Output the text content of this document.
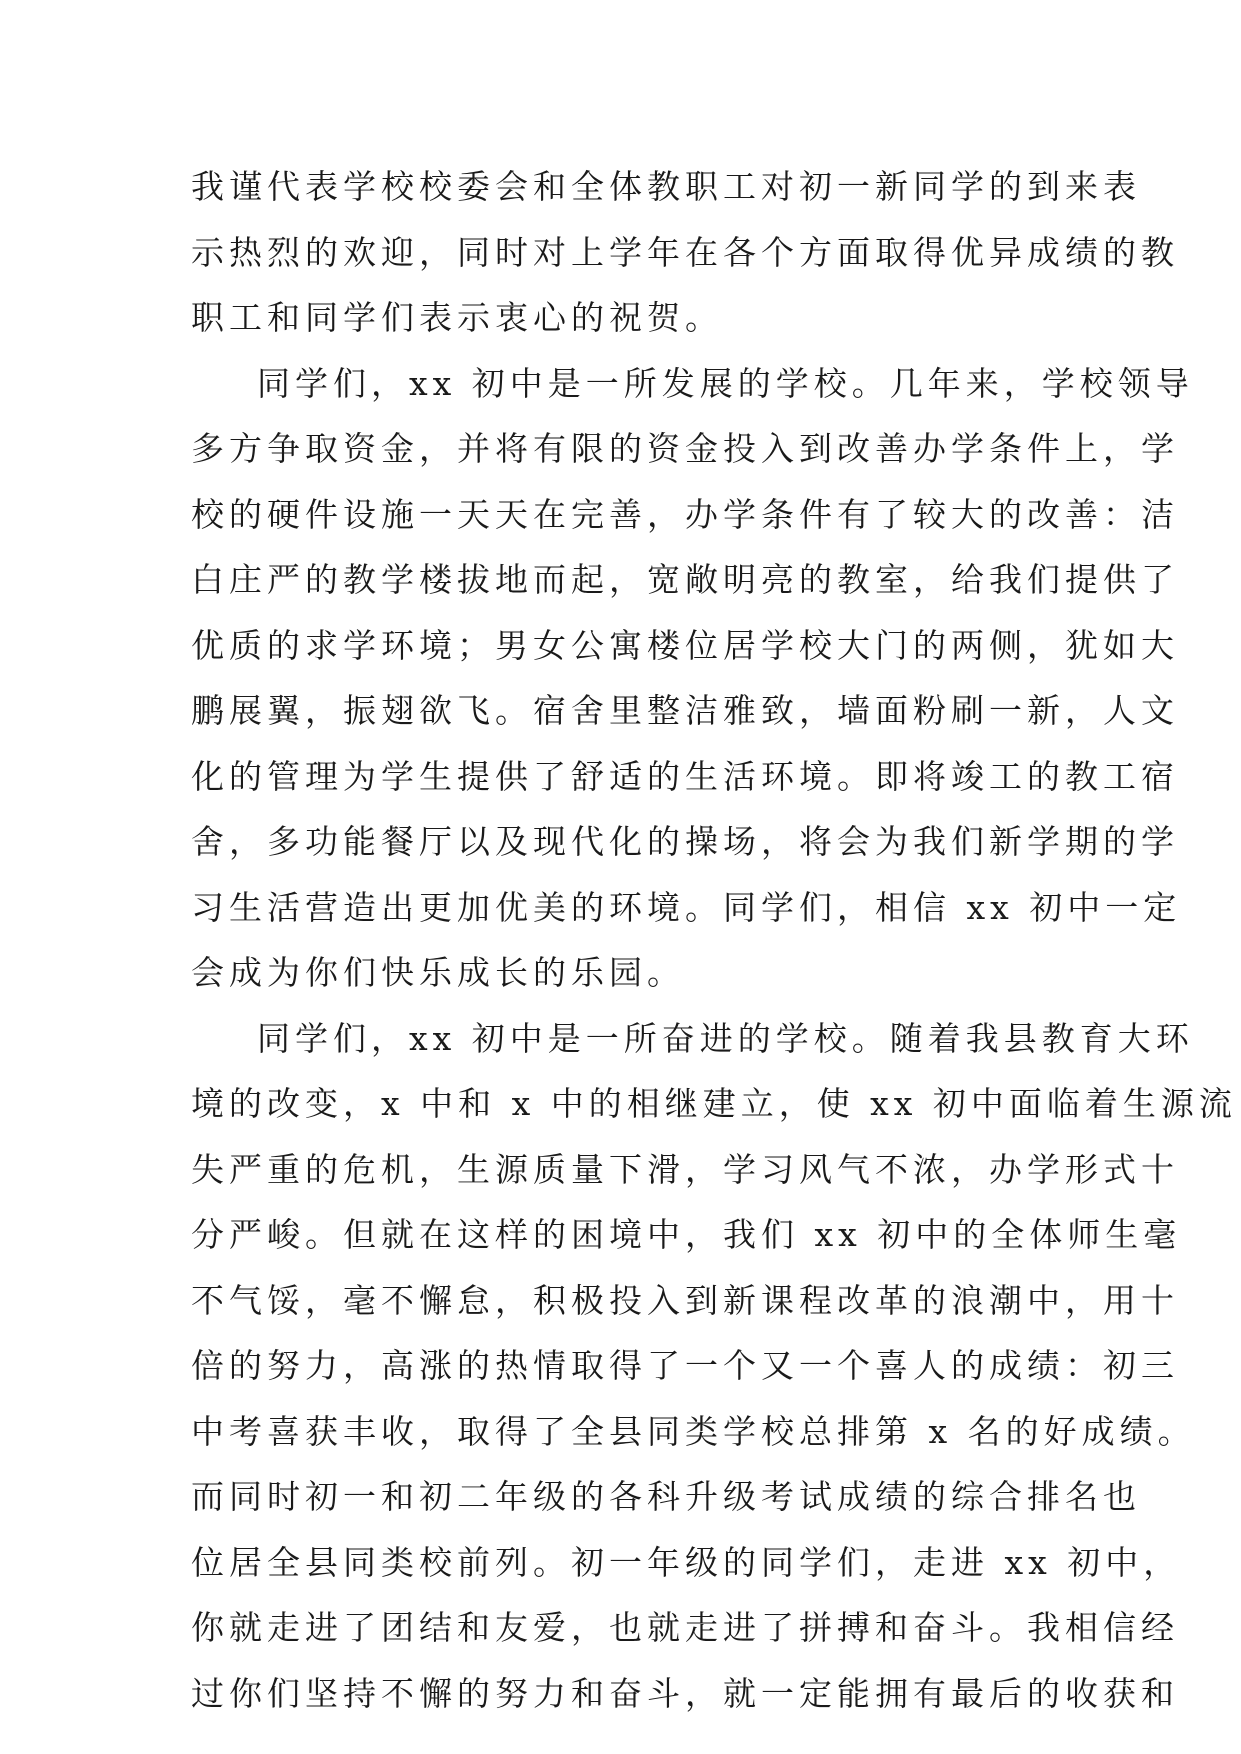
我谨代表学校校委会和全体教职工对初一新同学的到来表
示热烈的欢迎，同时对上学年在各个方面取得优异成绩的教
职工和同学们表示衷心的祝贺。
同学们，xx 初中是一所发展的学校。几年来，学校领导
多方争取资金，并将有限的资金投入到改善办学条件上，学
校的硬件设施一天天在完善，办学条件有了较大的改善：洁
白庄严的教学楼拔地而起，宽敞明亮的教室，给我们提供了
优质的求学环境；男女公寓楼位居学校大门的两侧，犹如大
鹏展翼，振翅欲飞。宿舍里整洁雅致，墙面粉刷一新，人文
化的管理为学生提供了舒适的生活环境。即将竣工的教工宿
舍，多功能餐厅以及现代化的操场，将会为我们新学期的学
习生活营造出更加优美的环境。同学们，相信 xx 初中一定
会成为你们快乐成长的乐园。
同学们，xx 初中是一所奋进的学校。随着我县教育大环
境的改变，x 中和 x 中的相继建立，使 xx 初中面临着生源流
失严重的危机，生源质量下滑，学习风气不浓，办学形式十
分严峻。但就在这样的困境中，我们 xx 初中的全体师生毫
不气馁，毫不懈怠，积极投入到新课程改革的浪潮中，用十
倍的努力，高涨的热情取得了一个又一个喜人的成绩：初三
中考喜获丰收，取得了全县同类学校总排第 x 名的好成绩。
而同时初一和初二年级的各科升级考试成绩的综合排名也
位居全县同类校前列。初一年级的同学们，走进 xx 初中，
你就走进了团结和友爱，也就走进了拼搏和奋斗。我相信经
过你们坚持不懈的努力和奋斗，就一定能拥有最后的收获和
